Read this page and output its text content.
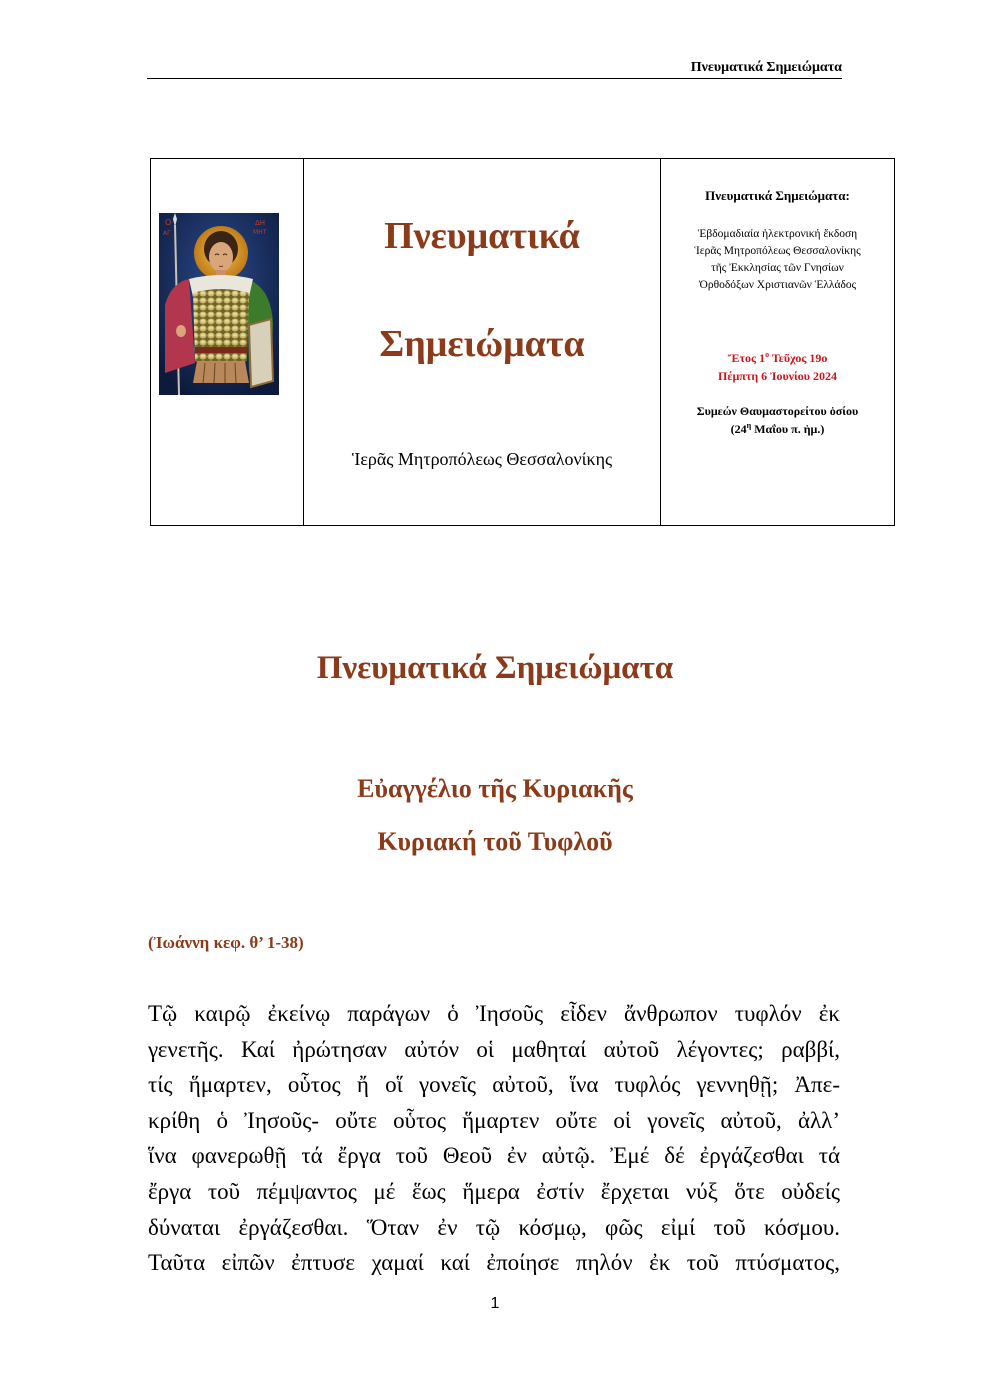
Πνευματικά Σημειώματα
Ο
ΑΓ
ΔΗ
ΜΗΤ	Πνευματικά
Σημειώματα
Ἱερᾶς Μητροπόλεως Θεσσαλονίκης
Πνευματικά Σημειώματα:
Ἑβδομαδιαία ἠλεκτρονική ἔκδοση
Ἱερᾶς Μητροπόλεως Θεσσαλονίκης
τῆς Ἐκκλησίας τῶν Γνησίων
Ὀρθοδόξων Χριστιανῶν Ἑλλάδος
Ἔτος $1^o$ Τεῦχος 19ο
Πέμπτη 6 Ἰουνίου 2024
Συμεών Θαυμαστορείτου ὁσίου
($24^\eta$ Μαΐου π. ἡμ.)
Πνευματικά Σημειώματα
Εὐαγγέλιο τῆς Κυριακῆς
Κυριακή τοῦ Τυφλοῦ
(Ἰωάννη κεφ. θ’ 1-38)
Τῷ καιρῷ ἐκείνῳ παράγων ὁ Ἰησοῦς εἶδεν ἄνθρωπον τυφλόν ἐκ
γενετῆς. Καί ἠρώτησαν αὐτόν οἱ μαθηταί αὐτοῦ λέγοντες; ραββί,
τίς ἥμαρτεν, οὗτος ἤ οἵ γονεῖς αὐτοῦ, ἵνα τυφλός γεννηθῇ; Ἀπε-
κρίθη ὁ Ἰησοῦς- οὔτε οὗτος ἥμαρτεν οὔτε οἱ γονεῖς αὐτοῦ, ἀλλ’
ἵνα φανερωθῇ τά ἔργα τοῦ Θεοῦ ἐν αὐτῷ. Ἐμέ δέ ἐργάζεσθαι τά
ἔργα τοῦ πέμψαντος μέ ἕως ἥμερα ἐστίν ἔρχεται νύξ ὅτε οὐδείς
δύναται ἐργάζεσθαι. Ὅταν ἐν τῷ κόσμῳ, φῶς εἰμί τοῦ κόσμου.
Ταῦτα εἰπῶν ἐπτυσε χαμαί καί ἐποίησε πηλόν ἐκ τοῦ πτύσματος,
1
